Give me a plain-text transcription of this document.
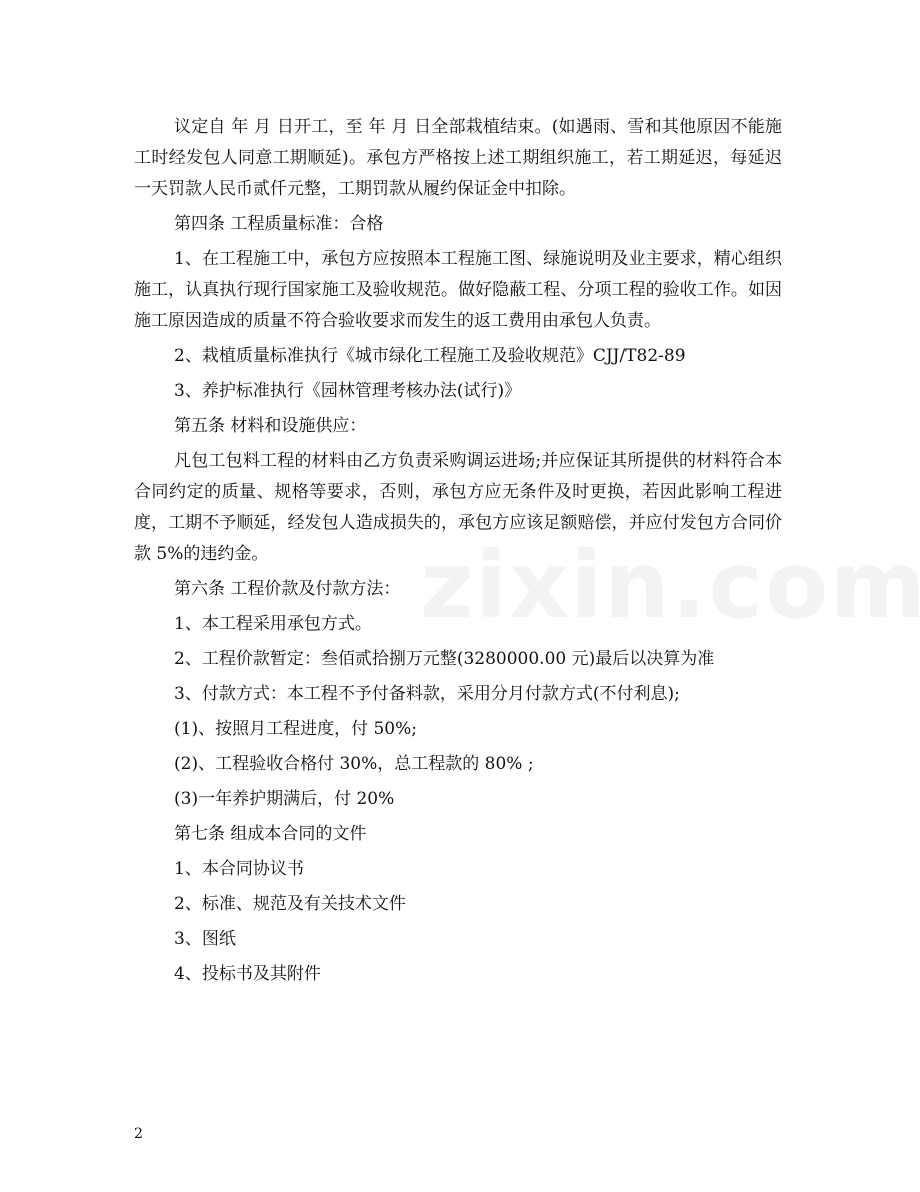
议定自 年 月 日开工，至 年 月 日全部栽植结束。(如遇雨、雪和其他原因不能施工时经发包人同意工期顺延)。承包方严格按上述工期组织施工，若工期延迟，每延迟一天罚款人民币贰仟元整，工期罚款从履约保证金中扣除。

第四条 工程质量标准：合格

1、在工程施工中，承包方应按照本工程施工图、绿施说明及业主要求，精心组织施工，认真执行现行国家施工及验收规范。做好隐蔽工程、分项工程的验收工作。如因施工原因造成的质量不符合验收要求而发生的返工费用由承包人负责。

2、栽植质量标准执行《城市绿化工程施工及验收规范》CJJ/T82-89

3、养护标准执行《园林管理考核办法(试行)》

第五条 材料和设施供应：

凡包工包料工程的材料由乙方负责采购调运进场;并应保证其所提供的材料符合本合同约定的质量、规格等要求，否则，承包方应无条件及时更换，若因此影响工程进度，工期不予顺延，经发包人造成损失的，承包方应该足额赔偿，并应付发包方合同价款 5%的违约金。

第六条 工程价款及付款方法：

1、本工程采用承包方式。

2、工程价款暂定：叁佰贰拾捌万元整(3280000.00 元)最后以决算为准

3、付款方式：本工程不予付备料款，采用分月付款方式(不付利息);

(1)、按照月工程进度，付 50%;

(2)、工程验收合格付 30%，总工程款的 80% ;

(3)一年养护期满后，付 20%

第七条 组成本合同的文件

1、本合同协议书

2、标准、规范及有关技术文件

3、图纸

4、投标书及其附件

2
